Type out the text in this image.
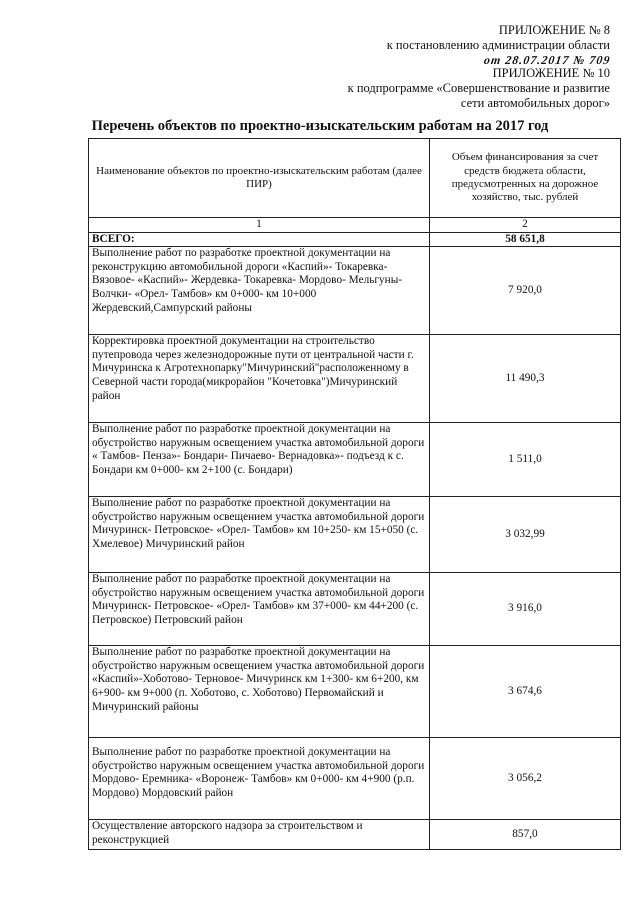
ПРИЛОЖЕНИЕ № 8
к постановлению администрации области
от 28.07.2017 № 709
ПРИЛОЖЕНИЕ № 10
к подпрограмме «Совершенствование и развитие
сети автомобильных дорог»
Перечень объектов по проектно-изыскательским работам на 2017 год
Наименование объектов по проектно-изыскательским работам (далее ПИР)	Объем финансирования за счет средств бюджета области, предусмотренных на дорожное хозяйство, тыс. рублей
1	2
ВСЕГО:	58 651,8
Выполнение работ по разработке проектной документации на реконструкцию автомобильной дороги «Каспий»- Токаревка- Вязовое- «Каспий»- Жердевка- Токаревка- Мордово- Мельгуны- Волчки- «Орел- Тамбов» км 0+000- км 10+000 Жердевский,Сампурский районы	7 920,0
Корректировка проектной документации на строительство путепровода через железнодорожные пути от центральной части г. Мичуринска к Агротехнопарку"Мичуринский"расположенному в Северной части города(микрорайон "Кочетовка")Мичуринский район	11 490,3
Выполнение работ по разработке проектной документации на обустройство наружным освещением участка автомобильной дороги « Тамбов- Пенза»- Бондари- Пичаево- Вернадовка»- подъезд к с. Бондари км 0+000- км 2+100 (с. Бондари)	1 511,0
Выполнение работ по разработке проектной документации на обустройство наружным освещением участка автомобильной дороги Мичуринск- Петровское- «Орел- Тамбов» км 10+250- км 15+050 (с. Хмелевое) Мичуринский район	3 032,99
Выполнение работ по разработке проектной документации на обустройство наружным освещением участка автомобильной дороги Мичуринск- Петровское- «Орел- Тамбов» км 37+000- км 44+200 (с. Петровское) Петровский район	3 916,0
Выполнение работ по разработке проектной документации на обустройство наружным освещением участка автомобильной дороги «Каспий»-Хоботово- Терновое- Мичуринск км 1+300- км 6+200, км 6+900- км 9+000 (п. Хоботово, с. Хоботово) Первомайский и Мичуринский районы	3 674,6
Выполнение работ по разработке проектной документации на обустройство наружным освещением участка автомобильной дороги Мордово- Еремника- «Воронеж- Тамбов» км 0+000- км 4+900 (р.п. Мордово) Мордовский район	3 056,2
Осуществление авторского надзора за строительством и реконструкцией	857,0
